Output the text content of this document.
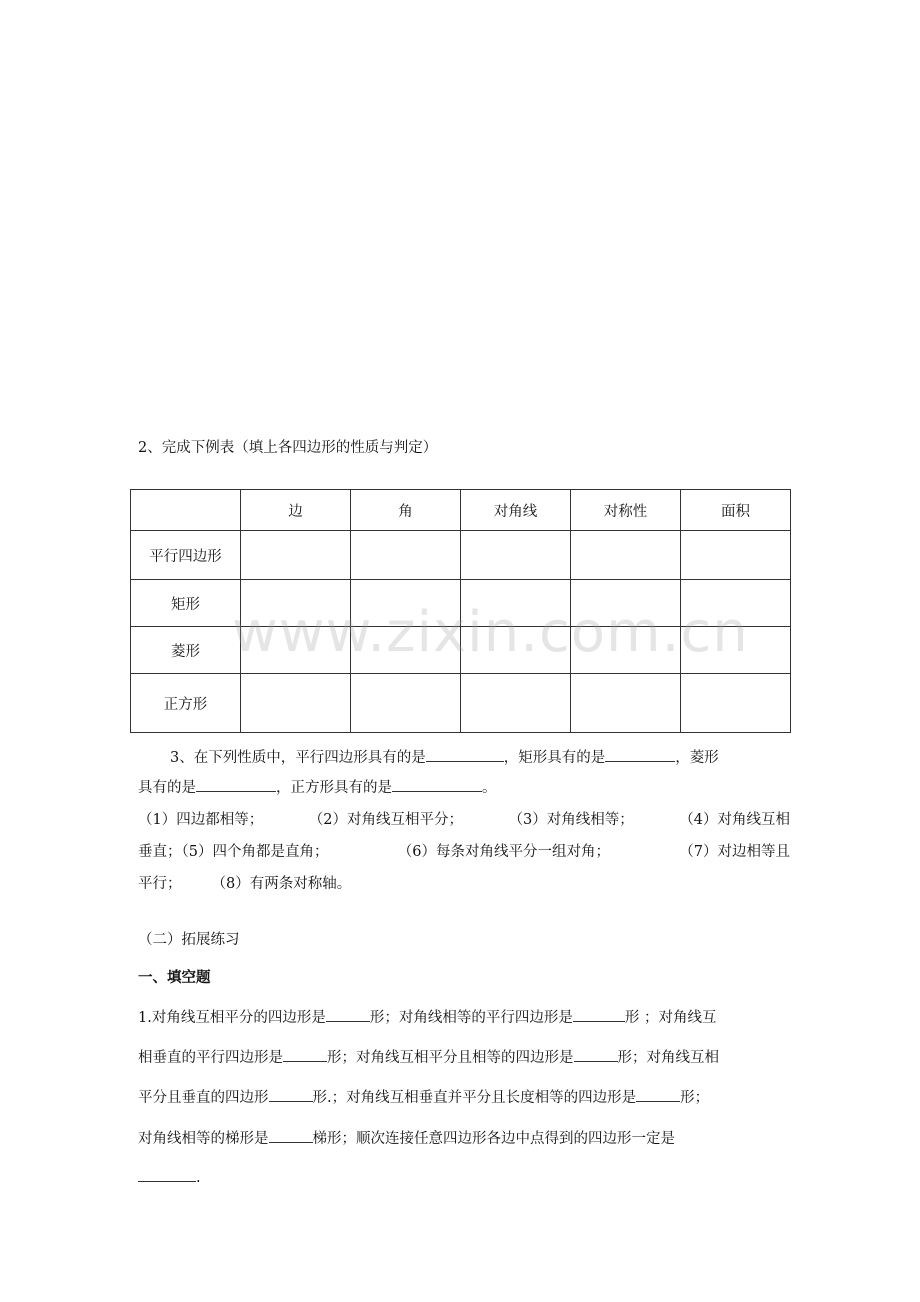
2、完成下例表（填上各四边形的性质与判定）
	边	角	对角线	对称性	面积
平行四边形					
矩形					
菱形					
正方形					
www.zixin.com.cn
3、在下列性质中，平行四边形具有的是	，矩形具有的是	，菱形
具有的是	，正方形具有的是	。
（1）四边都相等；	（2）对角线互相平分；	（3）对角线相等；	（4）对角线互相
垂直；（5）四个角都是直角；	（6）每条对角线平分一组对角；	（7）对边相等且
平行； （8）有两条对称轴。
（二）拓展练习
一、填空题
1.对角线互相平分的四边形是	形；对角线相等的平行四边形是	形 ；对角线互
相垂直的平行四边形是	形；对角线互相平分且相等的四边形是	形；对角线互相
平分且垂直的四边形	形.；对角线互相垂直并平分且长度相等的四边形是	形；
对角线相等的梯形是	梯形；顺次连接任意四边形各边中点得到的四边形一定是
.
